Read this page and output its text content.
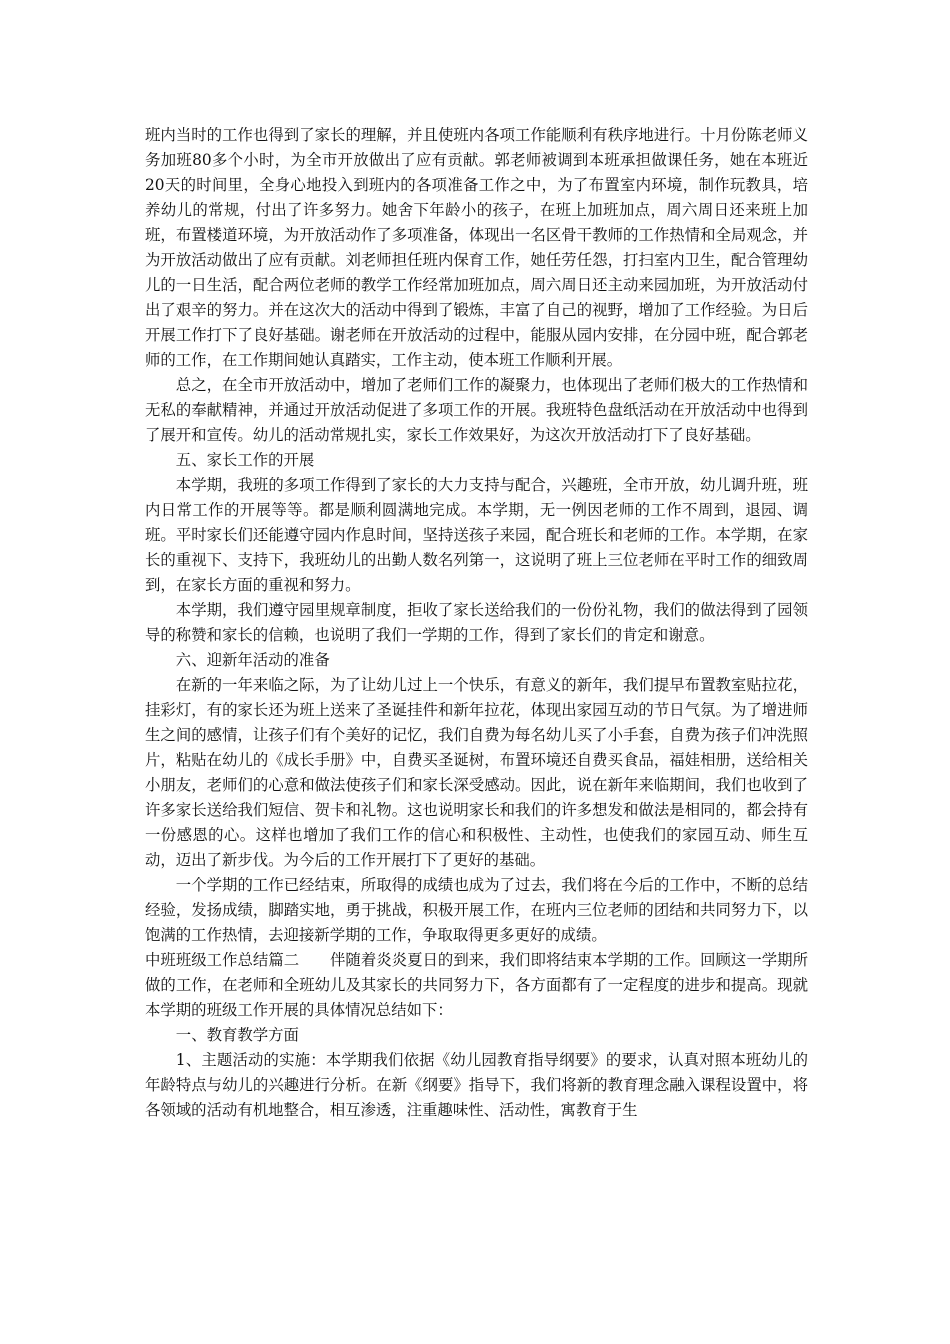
班内当时的工作也得到了家长的理解，并且使班内各项工作能顺利有秩序地进行。十月份陈老师义务加班80多个小时，为全市开放做出了应有贡献。郭老师被调到本班承担做课任务，她在本班近20天的时间里，全身心地投入到班内的各项准备工作之中，为了布置室内环境，制作玩教具，培养幼儿的常规，付出了许多努力。她舍下年龄小的孩子，在班上加班加点，周六周日还来班上加班，布置楼道环境，为开放活动作了多项准备，体现出一名区骨干教师的工作热情和全局观念，并为开放活动做出了应有贡献。刘老师担任班内保育工作，她任劳任怨，打扫室内卫生，配合管理幼儿的一日生活，配合两位老师的教学工作经常加班加点，周六周日还主动来园加班，为开放活动付出了艰辛的努力。并在这次大的活动中得到了锻炼，丰富了自己的视野，增加了工作经验。为日后开展工作打下了良好基础。谢老师在开放活动的过程中，能服从园内安排，在分园中班，配合郭老师的工作，在工作期间她认真踏实，工作主动，使本班工作顺利开展。

总之，在全市开放活动中，增加了老师们工作的凝聚力，也体现出了老师们极大的工作热情和无私的奉献精神，并通过开放活动促进了多项工作的开展。我班特色盘纸活动在开放活动中也得到了展开和宣传。幼儿的活动常规扎实，家长工作效果好，为这次开放活动打下了良好基础。

五、家长工作的开展

本学期，我班的多项工作得到了家长的大力支持与配合，兴趣班，全市开放，幼儿调升班，班内日常工作的开展等等。都是顺利圆满地完成。本学期，无一例因老师的工作不周到，退园、调班。平时家长们还能遵守园内作息时间，坚持送孩子来园，配合班长和老师的工作。本学期，在家长的重视下、支持下，我班幼儿的出勤人数名列第一，这说明了班上三位老师在平时工作的细致周到，在家长方面的重视和努力。

本学期，我们遵守园里规章制度，拒收了家长送给我们的一份份礼物，我们的做法得到了园领导的称赞和家长的信赖，也说明了我们一学期的工作，得到了家长们的肯定和谢意。

六、迎新年活动的准备

在新的一年来临之际，为了让幼儿过上一个快乐，有意义的新年，我们提早布置教室贴拉花，挂彩灯，有的家长还为班上送来了圣诞挂件和新年拉花，体现出家园互动的节日气氛。为了增进师生之间的感情，让孩子们有个美好的记忆，我们自费为每名幼儿买了小手套，自费为孩子们冲洗照片，粘贴在幼儿的《成长手册》中，自费买圣诞树，布置环境还自费买食品，福娃相册，送给相关小朋友，老师们的心意和做法使孩子们和家长深受感动。因此，说在新年来临期间，我们也收到了许多家长送给我们短信、贺卡和礼物。这也说明家长和我们的许多想发和做法是相同的，都会持有一份感恩的心。这样也增加了我们工作的信心和积极性、主动性，也使我们的家园互动、师生互动，迈出了新步伐。为今后的工作开展打下了更好的基础。

一个学期的工作已经结束，所取得的成绩也成为了过去，我们将在今后的工作中，不断的总结经验，发扬成绩，脚踏实地，勇于挑战，积极开展工作，在班内三位老师的团结和共同努力下，以饱满的工作热情，去迎接新学期的工作，争取取得更多更好的成绩。

中班班级工作总结篇二 伴随着炎炎夏日的到来，我们即将结束本学期的工作。回顾这一学期所做的工作，在老师和全班幼儿及其家长的共同努力下，各方面都有了一定程度的进步和提高。现就本学期的班级工作开展的具体情况总结如下：

一、教育教学方面

1、主题活动的实施：本学期我们依据《幼儿园教育指导纲要》的要求，认真对照本班幼儿的年龄特点与幼儿的兴趣进行分析。在新《纲要》指导下，我们将新的教育理念融入课程设置中，将各领域的活动有机地整合，相互渗透，注重趣味性、活动性，寓教育于生
